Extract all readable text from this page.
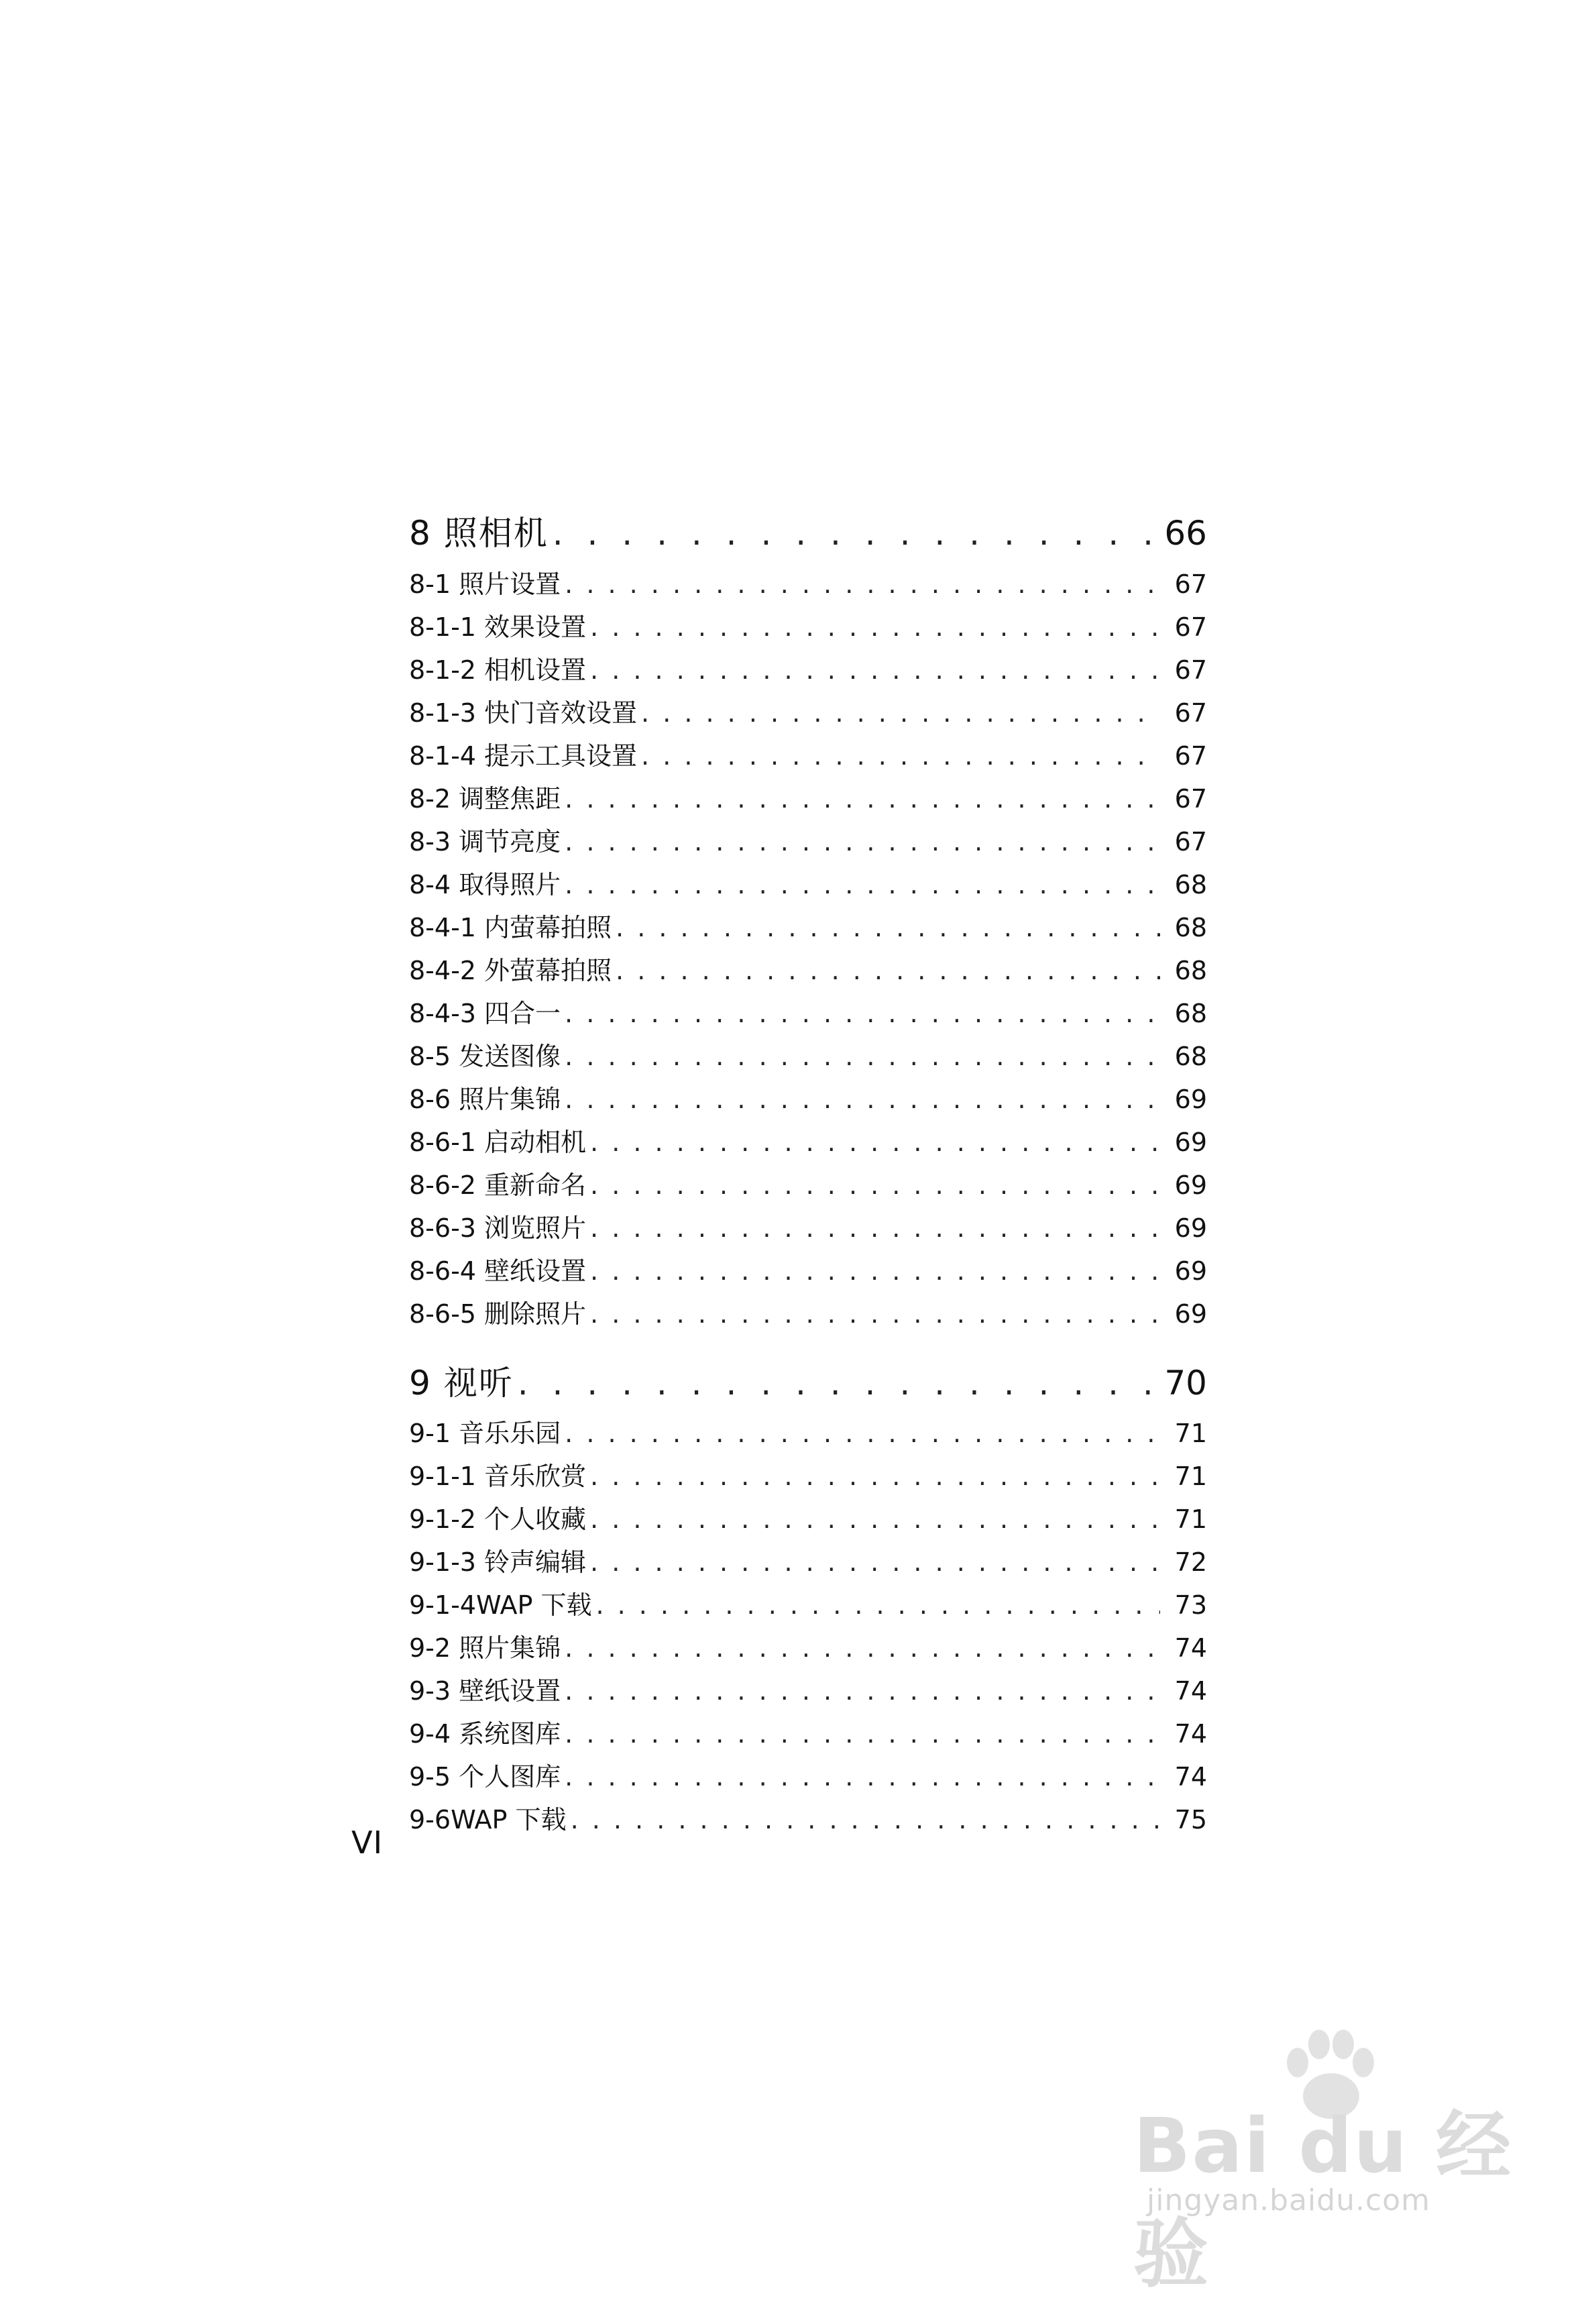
8 照相机 . . .	66
8-1 照片设置 . . .	67
8-1-1 效果设置 . . .	67
8-1-2 相机设置 . . .	67
8-1-3 快门音效设置 . . .	67
8-1-4 提示工具设置 . . .	67
8-2 调整焦距 . . .	67
8-3 调节亮度 . . .	67
8-4 取得照片 . . .	68
8-4-1 内萤幕拍照 . . .	68
8-4-2 外萤幕拍照 . . .	68
8-4-3 四合一 . . .	68
8-5 发送图像 . . .	68
8-6 照片集锦 . . .	69
8-6-1 启动相机 . . .	69
8-6-2 重新命名 . . .	69
8-6-3 浏览照片 . . .	69
8-6-4 壁纸设置 . . .	69
8-6-5 删除照片 . . .	69
9 视听 . . .	70
9-1 音乐乐园 . . .	71
9-1-1 音乐欣赏 . . .	71
9-1-2 个人收藏 . . .	71
9-1-3 铃声编辑 . . .	72
9-1-4WAP 下载 . . .	73
9-2 照片集锦 . . .	74
9-3 壁纸设置 . . .	74
9-4 系统图库 . . .	74
9-5 个人图库 . . .	74
9-6WAP 下载 . . .	75
VI
Bai du 经验
jingyan.baidu.com
